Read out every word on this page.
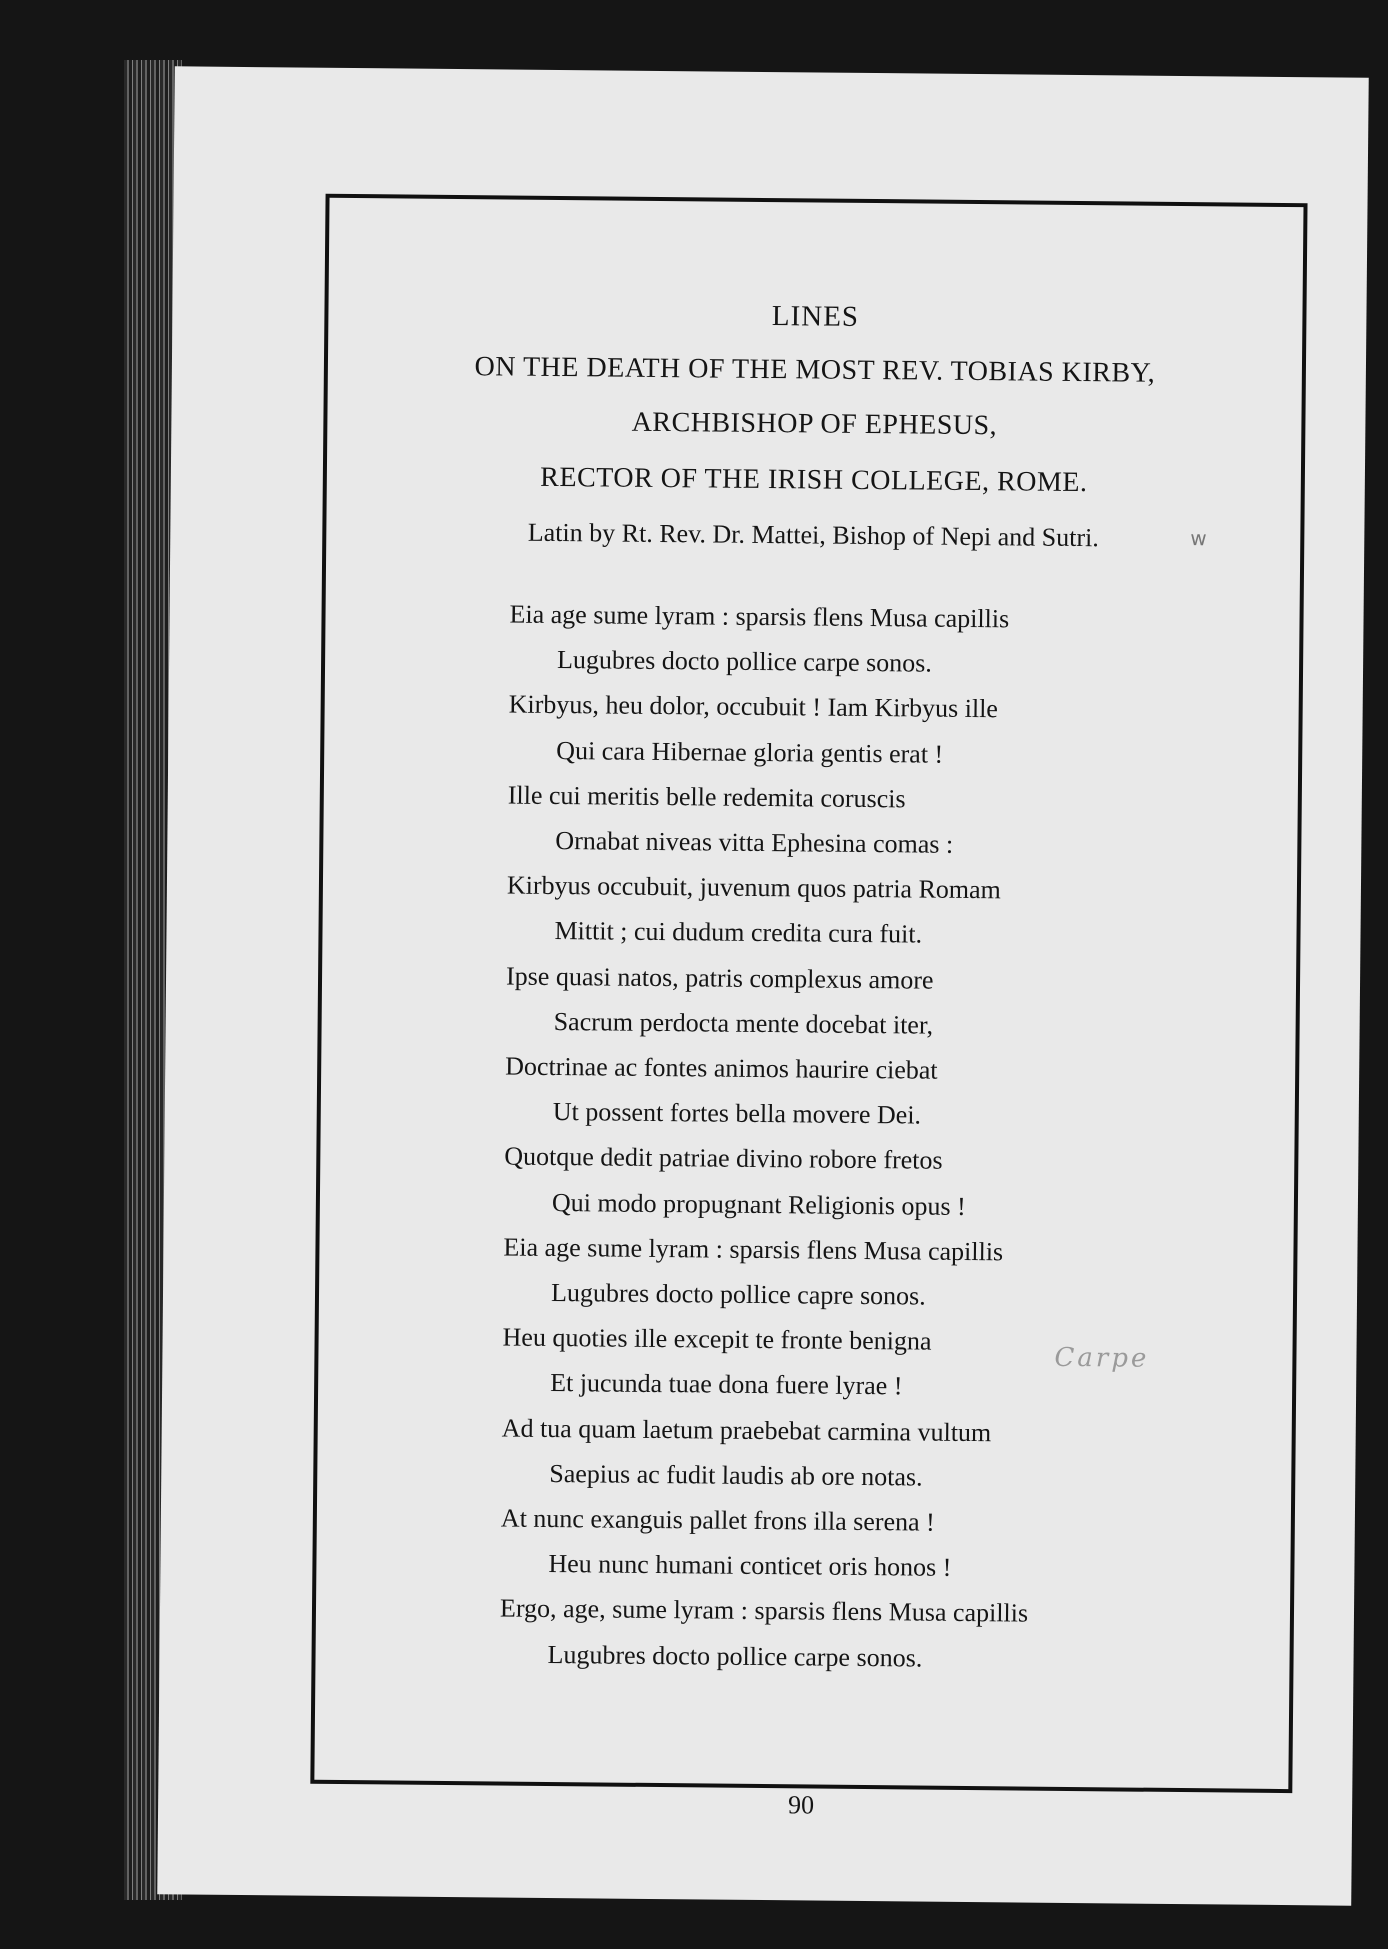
LINES
ON THE DEATH OF THE MOST REV. TOBIAS KIRBY,
ARCHBISHOP OF EPHESUS,
RECTOR OF THE IRISH COLLEGE, ROME.
Latin by Rt. Rev. Dr. Mattei, Bishop of Nepi and Sutri.	w
Eia age sume lyram : sparsis flens Musa capillis
Lugubres docto pollice carpe sonos.
Kirbyus, heu dolor, occubuit ! Iam Kirbyus ille
Qui cara Hibernae gloria gentis erat !
Ille cui meritis belle redemita coruscis
Ornabat niveas vitta Ephesina comas :
Kirbyus occubuit, juvenum quos patria Romam
Mittit ; cui dudum credita cura fuit.
Ipse quasi natos, patris complexus amore
Sacrum perdocta mente docebat iter,
Doctrinae ac fontes animos haurire ciebat
Ut possent fortes bella movere Dei.
Quotque dedit patriae divino robore fretos
Qui modo propugnant Religionis opus !
Eia age sume lyram : sparsis flens Musa capillis
Lugubres docto pollice capre sonos.
Heu quoties ille excepit te fronte benigna
Et jucunda tuae dona fuere lyrae !
Ad tua quam laetum praebebat carmina vultum
Saepius ac fudit laudis ab ore notas.
At nunc exanguis pallet frons illa serena !
Heu nunc humani conticet oris honos !
Ergo, age, sume lyram : sparsis flens Musa capillis
Lugubres docto pollice carpe sonos.
Carpe
90
